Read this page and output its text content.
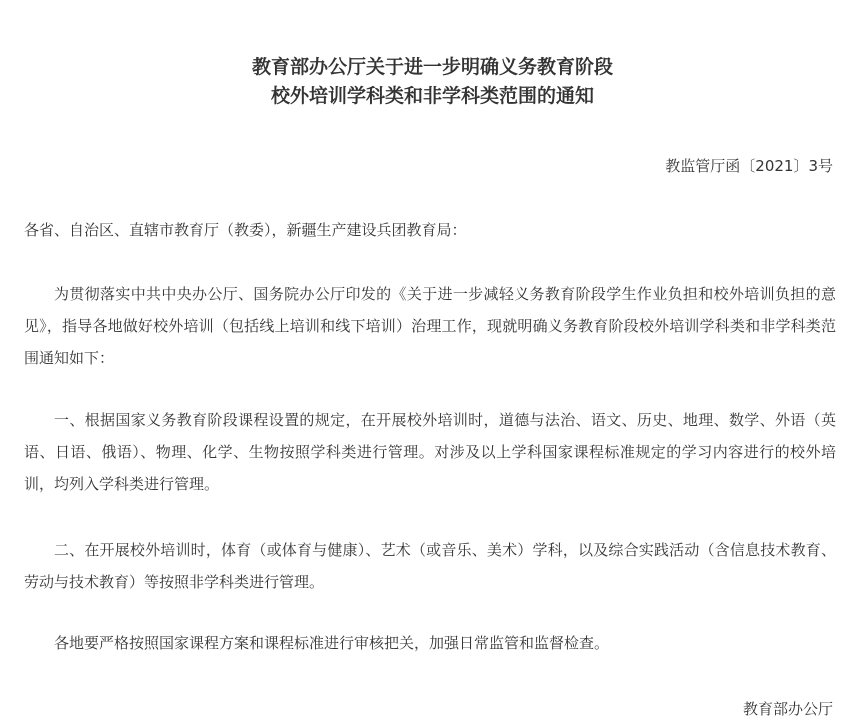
教育部办公厅关于进一步明确义务教育阶段
校外培训学科类和非学科类范围的通知
教监管厅函〔2021〕3号
各省、自治区、直辖市教育厅（教委），新疆生产建设兵团教育局：

为贯彻落实中共中央办公厅、国务院办公厅印发的《关于进一步减轻义务教育阶段学生作业负担和校外培训负担的意见》，指导各地做好校外培训（包括线上培训和线下培训）治理工作，现就明确义务教育阶段校外培训学科类和非学科类范围通知如下：

一、根据国家义务教育阶段课程设置的规定，在开展校外培训时，道德与法治、语文、历史、地理、数学、外语（英语、日语、俄语）、物理、化学、生物按照学科类进行管理。对涉及以上学科国家课程标准规定的学习内容进行的校外培训，均列入学科类进行管理。

二、在开展校外培训时，体育（或体育与健康）、艺术（或音乐、美术）学科，以及综合实践活动（含信息技术教育、劳动与技术教育）等按照非学科类进行管理。

各地要严格按照国家课程方案和课程标准进行审核把关，加强日常监管和监督检查。

教育部办公厅
